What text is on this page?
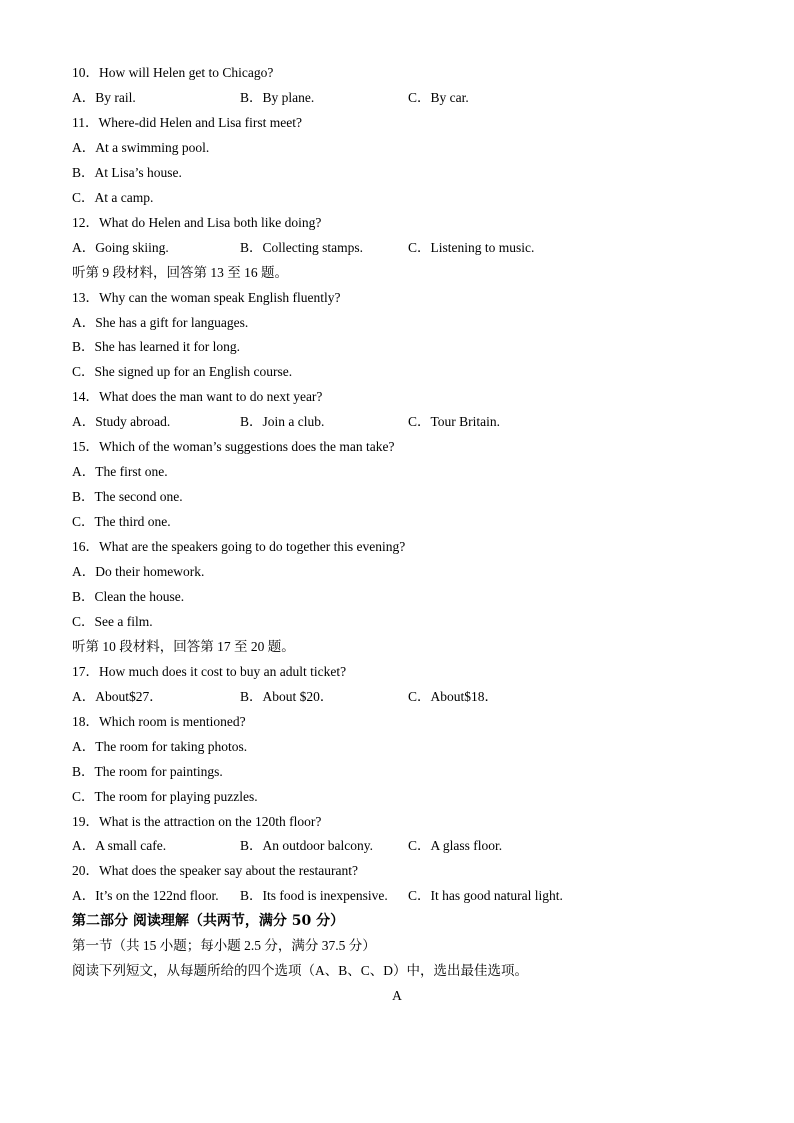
10．How will Helen get to Chicago?
A．By rail.	B．By plane.	C．By car.
11．Where-did Helen and Lisa first meet?
A．At a swimming pool.
B．At Lisa’s house.
C．At a camp.
12．What do Helen and Lisa both like doing?
A．Going skiing.	B．Collecting stamps.	C．Listening to music.
听第 9 段材料，回答第 13 至 16 题。
13．Why can the woman speak English fluently?
A．She has a gift for languages.
B．She has learned it for long.
C．She signed up for an English course.
14．What does the man want to do next year?
A．Study abroad.	B．Join a club.	C．Tour Britain.
15．Which of the woman’s suggestions does the man take?
A．The first one.
B．The second one.
C．The third one.
16．What are the speakers going to do together this evening?
A．Do their homework.
B．Clean the house.
C．See a film.
听第 10 段材料，回答第 17 至 20 题。
17．How much does it cost to buy an adult ticket?
A．About$27．	B．About $20．	C．About$18．
18．Which room is mentioned?
A．The room for taking photos.
B．The room for paintings.
C．The room for playing puzzles.
19．What is the attraction on the 120th floor?
A．A small cafe.	B．An outdoor balcony.	C．A glass floor.
20．What does the speaker say about the restaurant?
A．It’s on the 122nd floor.	B．Its food is inexpensive.	C．It has good natural light.
第二部分 阅读理解（共两节，满分 50 分）
第一节（共 15 小题；每小题 2.5 分，满分 37.5 分）
阅读下列短文，从每题所给的四个选项（A、B、C、D）中，选出最佳选项。
A
